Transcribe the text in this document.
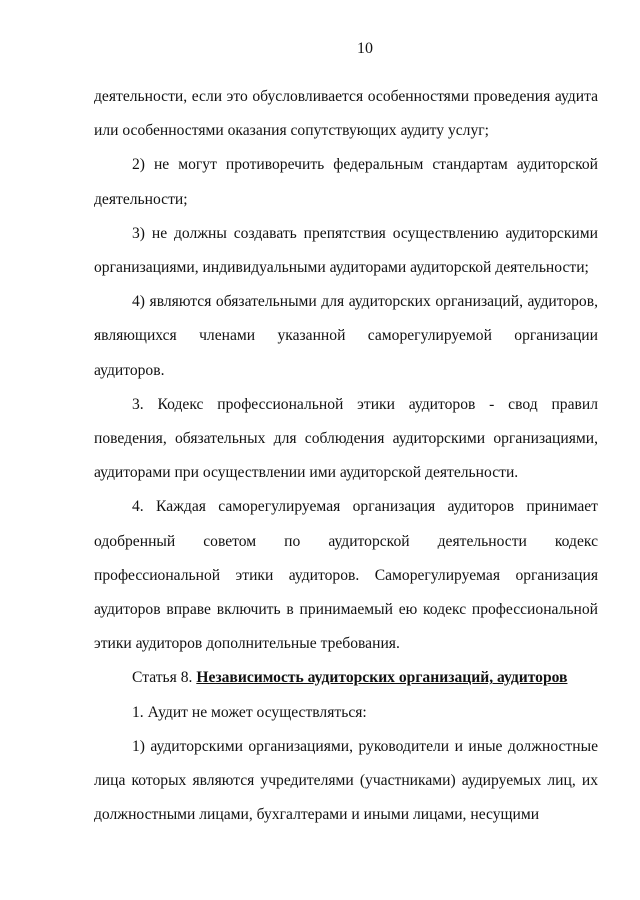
10

деятельности, если это обусловливается особенностями проведения аудита или особенностями оказания сопутствующих аудиту услуг;

2) не могут противоречить федеральным стандартам аудиторской деятельности;

3) не должны создавать препятствия осуществлению аудиторскими организациями, индивидуальными аудиторами аудиторской деятельности;

4) являются обязательными для аудиторских организаций, аудиторов, являющихся членами указанной саморегулируемой организации аудиторов.

3. Кодекс профессиональной этики аудиторов - свод правил поведения, обязательных для соблюдения аудиторскими организациями, аудиторами при осуществлении ими аудиторской деятельности.

4. Каждая саморегулируемая организация аудиторов принимает одобренный советом по аудиторской деятельности кодекс профессиональной этики аудиторов. Саморегулируемая организация аудиторов вправе включить в принимаемый ею кодекс профессиональной этики аудиторов дополнительные требования.

Статья 8. Независимость аудиторских организаций, аудиторов

1. Аудит не может осуществляться:

1) аудиторскими организациями, руководители и иные должностные лица которых являются учредителями (участниками) аудируемых лиц, их должностными лицами, бухгалтерами и иными лицами, несущими
